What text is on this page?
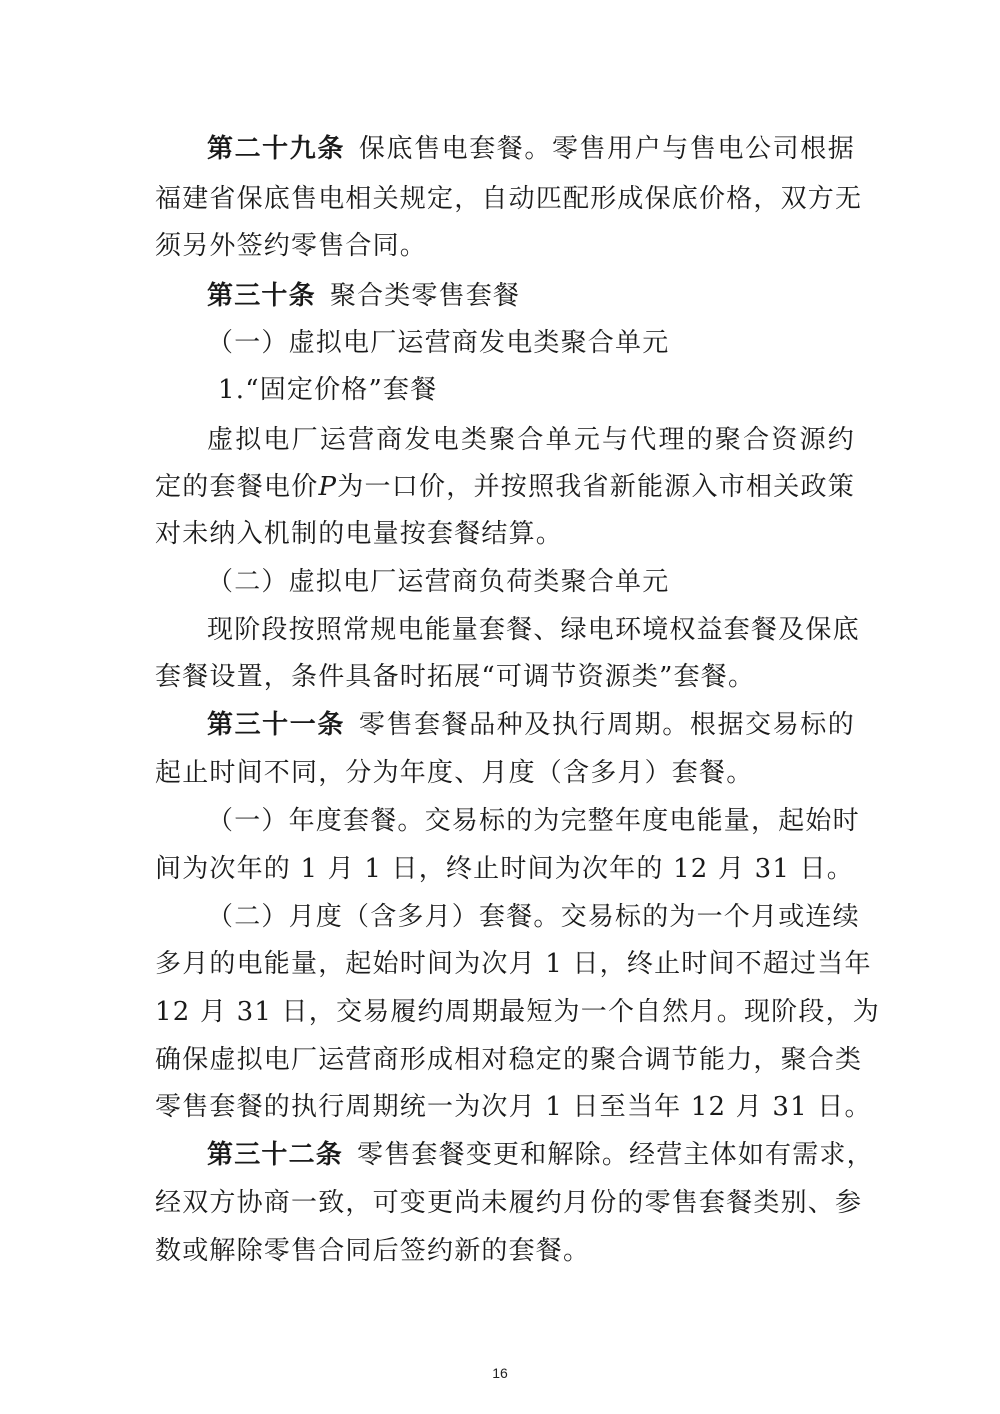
第二十九条 保底售电套餐。零售用户与售电公司根据
福建省保底售电相关规定，自动匹配形成保底价格，双方无
须另外签约零售合同。
第三十条 聚合类零售套餐
（一）虚拟电厂运营商发电类聚合单元
1.“固定价格”套餐
虚拟电厂运营商发电类聚合单元与代理的聚合资源约
定的套餐电价P为一口价，并按照我省新能源入市相关政策
对未纳入机制的电量按套餐结算。
（二）虚拟电厂运营商负荷类聚合单元
现阶段按照常规电能量套餐、绿电环境权益套餐及保底
套餐设置，条件具备时拓展“可调节资源类”套餐。
第三十一条 零售套餐品种及执行周期。根据交易标的
起止时间不同，分为年度、月度（含多月）套餐。
（一）年度套餐。交易标的为完整年度电能量，起始时
间为次年的 1 月 1 日，终止时间为次年的 12 月 31 日。
（二）月度（含多月）套餐。交易标的为一个月或连续
多月的电能量，起始时间为次月 1 日，终止时间不超过当年
12 月 31 日，交易履约周期最短为一个自然月。现阶段，为
确保虚拟电厂运营商形成相对稳定的聚合调节能力，聚合类
零售套餐的执行周期统一为次月 1 日至当年 12 月 31 日。
第三十二条 零售套餐变更和解除。经营主体如有需求，
经双方协商一致，可变更尚未履约月份的零售套餐类别、参
数或解除零售合同后签约新的套餐。
16
